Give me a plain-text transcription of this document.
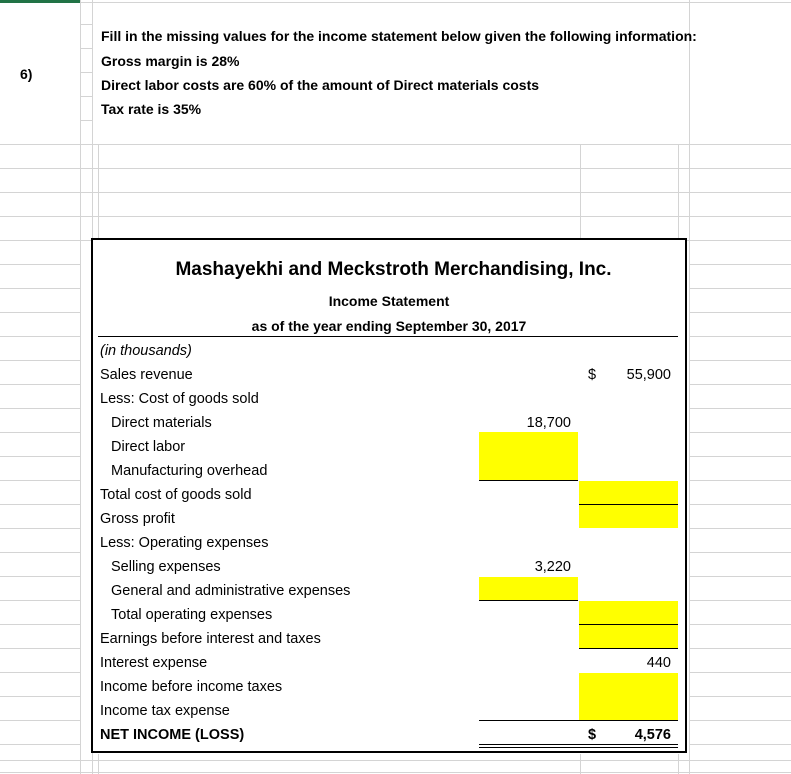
6)
Fill in the missing values for the income statement below given the following information:
Gross margin is 28%
Direct labor costs are 60% of the amount of Direct materials costs
Tax rate is 35%
Mashayekhi and Meckstroth Merchandising, Inc.
Income Statement
as of the year ending September 30, 2017
(in thousands)
Sales revenue
Less: Cost of goods sold
Direct materials
Direct labor
Manufacturing overhead
Total cost of goods sold
Gross profit
Less: Operating expenses
Selling expenses
General and administrative expenses
Total operating expenses
Earnings before interest and taxes
Interest expense
Income before income taxes
Income tax expense
NET INCOME (LOSS)
$	55,900
18,700
3,220
440
$	4,576
